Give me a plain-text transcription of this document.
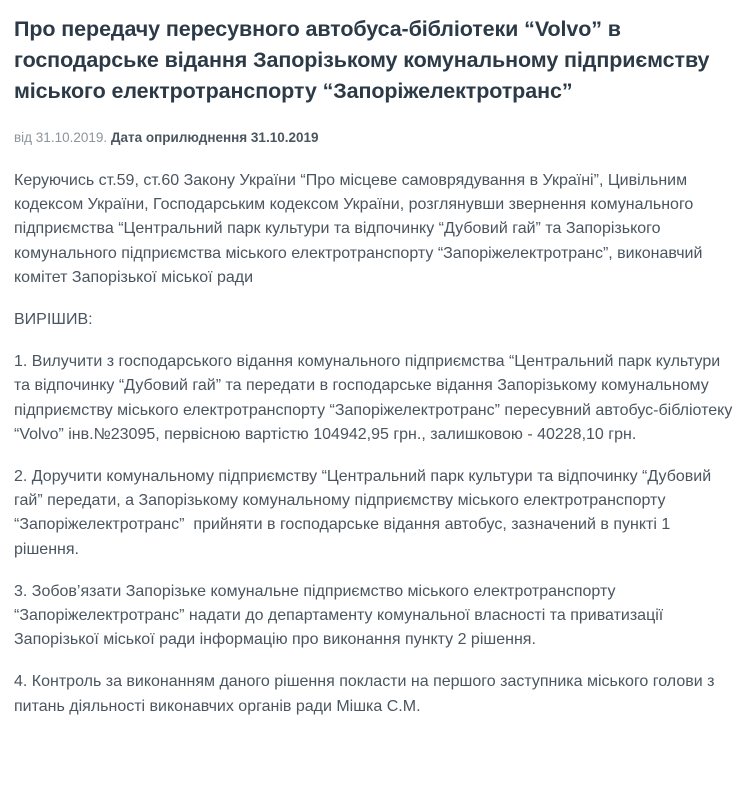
Про передачу пересувного автобуса-бібліотеки “Volvo” в господарське відання Запорізькому комунальному підприємству міського електротранспорту “Запоріжелектротранс”
від 31.10.2019. Дата оприлюднення 31.10.2019

Керуючись ст.59, ст.60 Закону України “Про місцеве самоврядування в Україні”, Цивільним кодексом України, Господарським кодексом України, розглянувши звернення комунального підприємства “Центральний парк культури та відпочинку “Дубовий гай” та Запорізького комунального підприємства міського електротранспорту “Запоріжелектротранс”, виконавчий комітет Запорізької міської ради

ВИРІШИВ:

1. Вилучити з господарського відання комунального підприємства “Центральний парк культури та відпочинку “Дубовий гай” та передати в господарське відання Запорізькому комунальному підприємству міського електротранспорту “Запоріжелектротранс” пересувний автобус-бібліотеку “Volvo” інв.№23095, первісною вартістю 104942,95 грн., залишковою - 40228,10 грн.

2. Доручити комунальному підприємству “Центральний парк культури та відпочинку “Дубовий гай” передати, а Запорізькому комунальному підприємству міського електротранспорту “Запоріжелектротранс”  прийняти в господарське відання автобус, зазначений в пункті 1 рішення.

3. Зобов’язати Запорізьке комунальне підприємство міського електротранспорту “Запоріжелектротранс” надати до департаменту комунальної власності та приватизації  Запорізької міської ради інформацію про виконання пункту 2 рішення.

4. Контроль за виконанням даного рішення покласти на першого заступника міського голови з питань діяльності виконавчих органів ради Мішка С.М.
